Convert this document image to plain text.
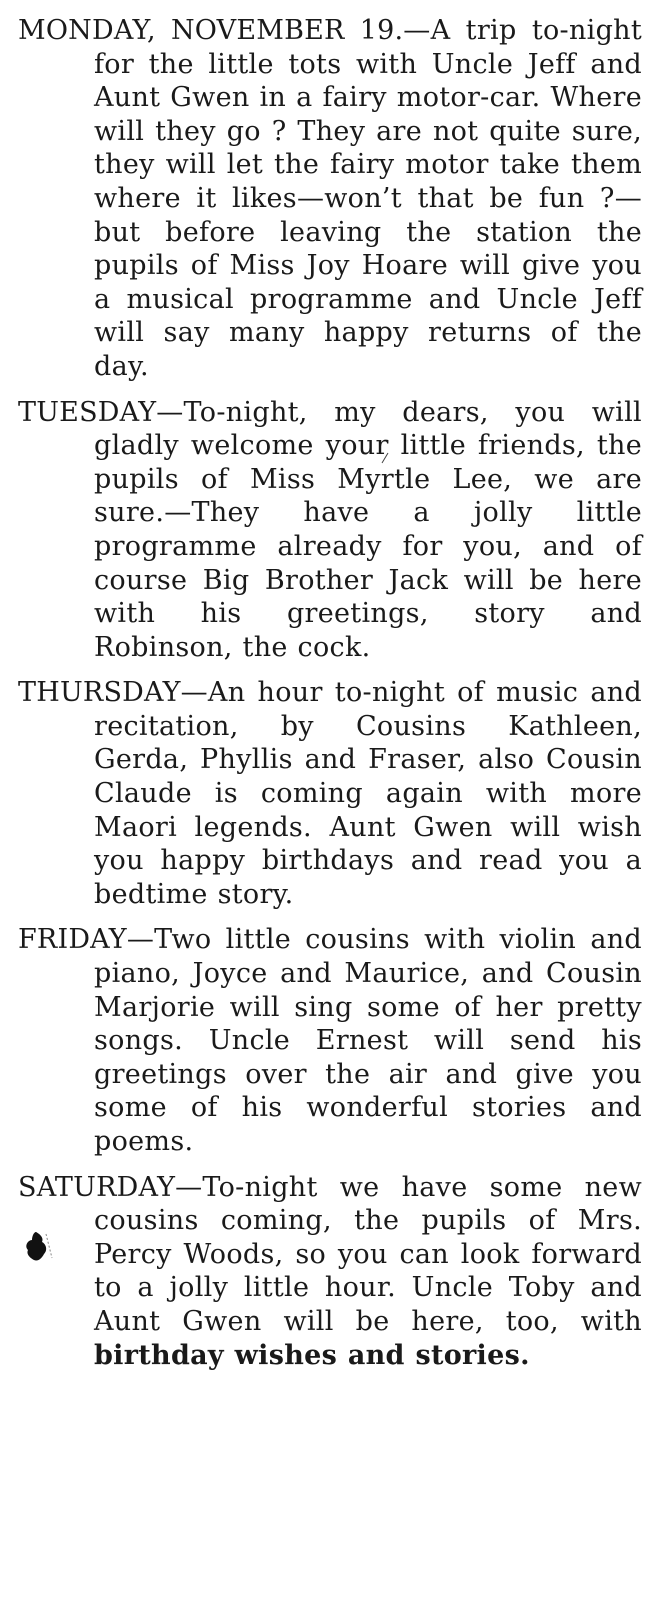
MONDAY, NOVEMBER 19.—A trip to-night for the little tots with Uncle Jeff and Aunt Gwen in a fairy motor-car. Where will they go ? They are not quite sure, they will let the fairy motor take them where it likes—won’t that be fun ?—but before leaving the station the pupils of Miss Joy Hoare will give you a musical programme and Uncle Jeff will say many happy returns of the day.

TUESDAY—To-night, my dears, you will gladly welcome your little friends, the pupils of Miss Myrtle Lee, we are sure.—They have a jolly little programme already for you, and of course Big Brother Jack will be here with his greetings, story and Robinson, the cock.

THURSDAY—An hour to-night of music and recitation, by Cousins Kathleen, Gerda, Phyllis and Fraser, also Cousin Claude is coming again with more Maori legends. Aunt Gwen will wish you happy birthdays and read you a bedtime story.

FRIDAY—Two little cousins with violin and piano, Joyce and Maurice, and Cousin Marjorie will sing some of her pretty songs. Uncle Ernest will send his greetings over the air and give you some of his wonderful stories and poems.

SATURDAY—To-night we have some new cousins coming, the pupils of Mrs. Percy Woods, so you can look forward to a jolly little hour. Uncle Toby and Aunt Gwen will be here, too, with birthday wishes and stories.
